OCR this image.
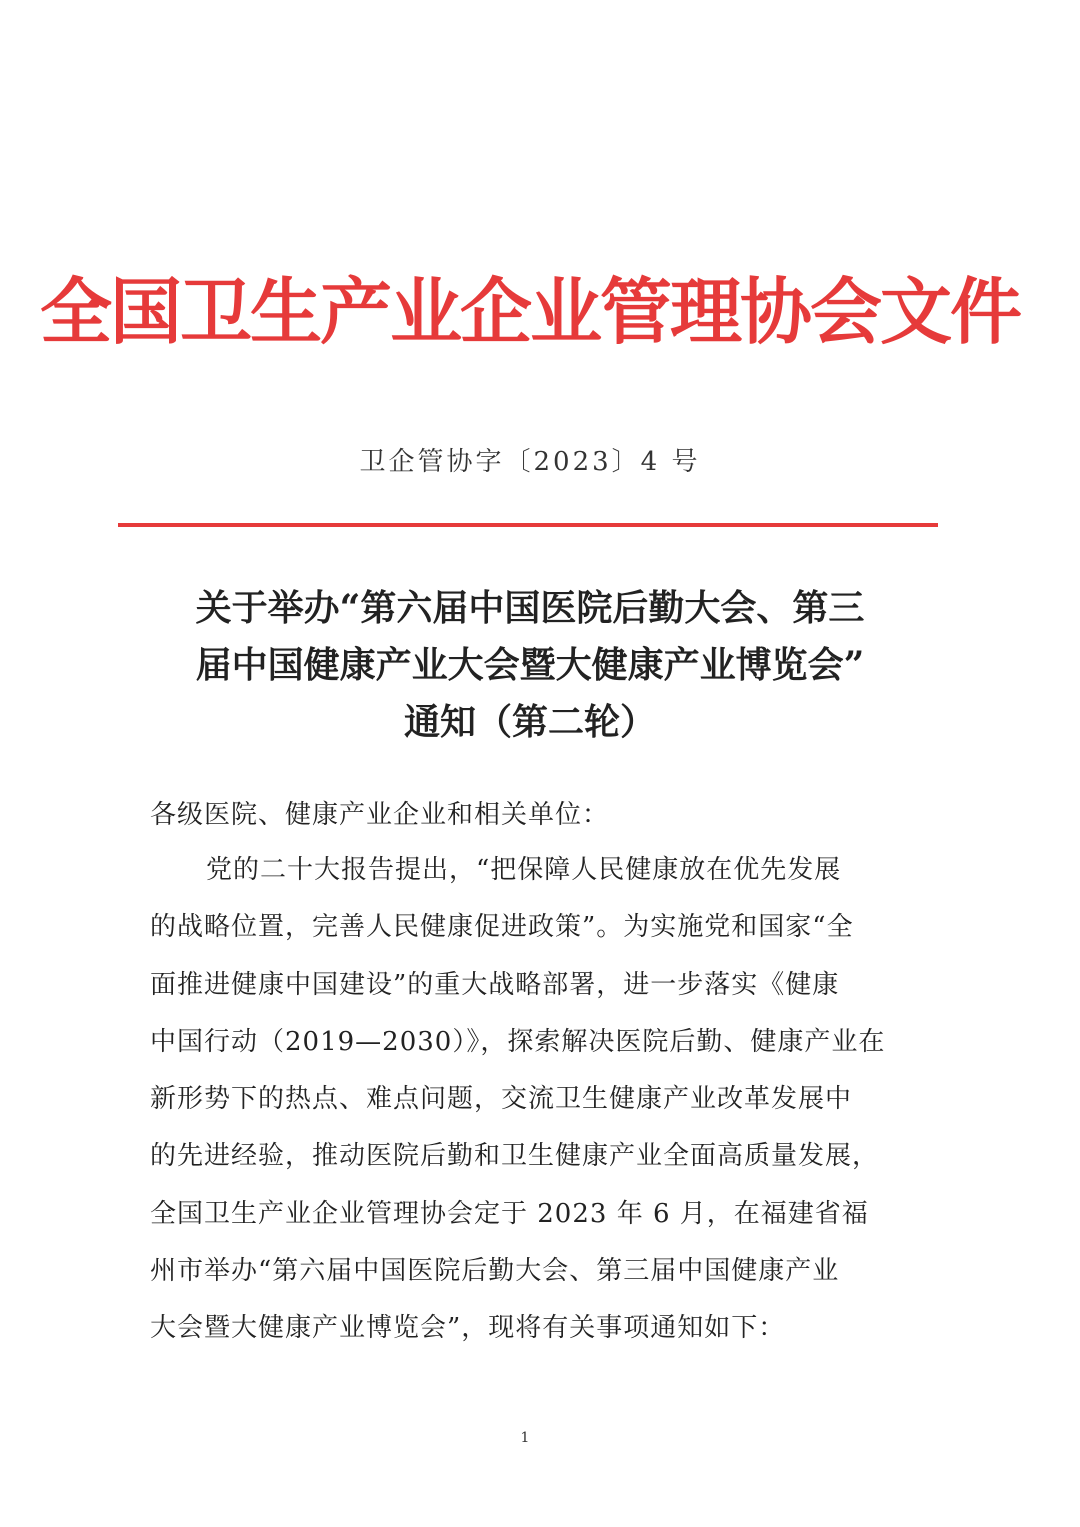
全国卫生产业企业管理协会文件
卫企管协字〔2023〕4 号
关于举办“第六届中国医院后勤大会、第三
届中国健康产业大会暨大健康产业博览会”
通知（第二轮）
各级医院、健康产业企业和相关单位：
党的二十大报告提出，“把保障人民健康放在优先发展
的战略位置，完善人民健康促进政策”。为实施党和国家“全
面推进健康中国建设”的重大战略部署，进一步落实《健康
中国行动（2019—2030）》，探索解决医院后勤、健康产业在
新形势下的热点、难点问题，交流卫生健康产业改革发展中
的先进经验，推动医院后勤和卫生健康产业全面高质量发展，
全国卫生产业企业管理协会定于 2023 年 6 月，在福建省福
州市举办“第六届中国医院后勤大会、第三届中国健康产业
大会暨大健康产业博览会”，现将有关事项通知如下：
1
